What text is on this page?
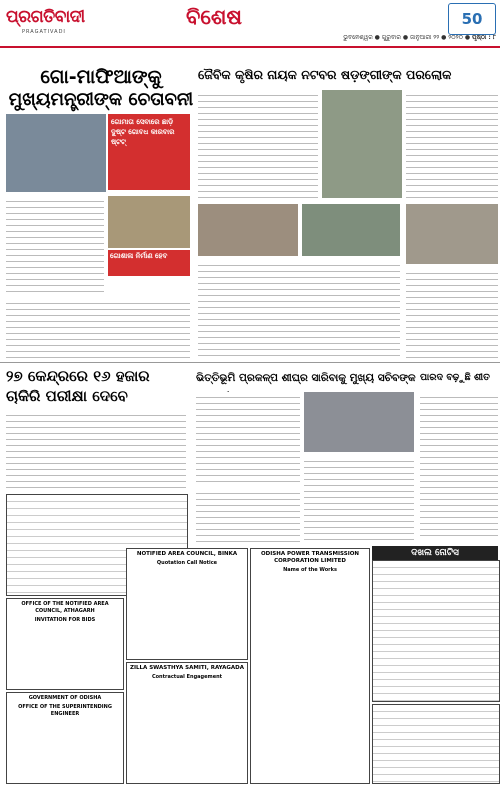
ପ୍ରଗତିବାଦୀ
PRAGATIVADI
ବିଶେଷ	50
ଭୁବନେଶ୍ୱର ● ଗୁରୁବାର ● ଜାନୁଆରୀ ୨୨ ● ୨୦୨୦ ● ପୃଷ୍ଠା : ୮
ଗୋ-ମାଫିଆଙ୍କୁ
ମୁଖ୍ୟମନ୍ତ୍ରୀଙ୍କ ଚେତାବନୀ
ଗୋମାତା ସେବାରେ ଛାଡ଼ି ଦୁଷ୍ଟ ଗୋବଧ କାରବାର ଷ୍ଟଟ୍
ଗୋଶାଳା ନିର୍ମାଣ ହେବ
ଜୈବିକ କୃଷିର ନାୟକ ନଟବର ଷଡ଼ଙ୍ଗୀଙ୍କ ପରଲୋକ
୨୭ କେନ୍ଦ୍ରରେ ୧୬ ହଜାର
ଚାକିରି ପରୀକ୍ଷା ଦେବେ
ଭିତ୍ତିଭୂମି ପ୍ରକଳ୍ପ ଶୀଘ୍ର ସାରିବାକୁ ମୁଖ୍ୟ ସଚିବଙ୍କ ପାରଦ ବଢ଼ୁଛି ଶୀତ
ଦଖଲ ନୋଟିସ
OFFICE OF THE NOTIFIED AREA COUNCIL, ATHAGARH
INVITATION FOR BIDS
GOVERNMENT OF ODISHA
OFFICE OF THE SUPERINTENDING ENGINEER
NOTIFIED AREA COUNCIL, BINKA
Quotation Call Notice
ZILLA SWASTHYA SAMITI, RAYAGADA
Contractual Engagement
ODISHA POWER TRANSMISSION CORPORATION LIMITED
Name of the Works
